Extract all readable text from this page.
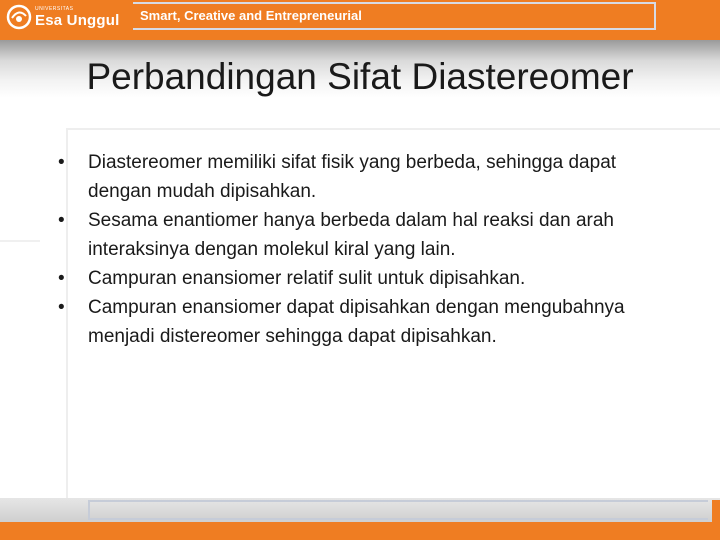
UNIVERSITAS
Esa Unggul Smart, Creative and Entrepreneurial
Perbandingan Sifat Diastereomer
• Diastereomer memiliki sifat fisik yang berbeda, sehingga dapat dengan mudah dipisahkan.
• Sesama enantiomer hanya berbeda dalam hal reaksi dan arah interaksinya dengan molekul kiral yang lain.
• Campuran enansiomer relatif sulit untuk dipisahkan.
• Campuran enansiomer dapat dipisahkan dengan mengubahnya menjadi distereomer sehingga dapat dipisahkan.
